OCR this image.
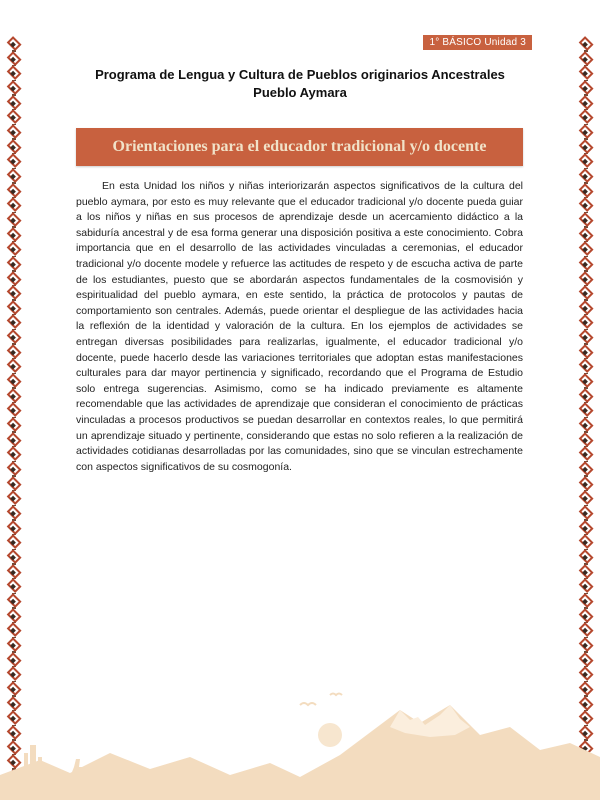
1° BÁSICO Unidad 3
Programa de Lengua y Cultura de Pueblos originarios Ancestrales
Pueblo Aymara
Orientaciones para el educador tradicional y/o docente

En esta Unidad los niños y niñas interiorizarán aspectos significativos de la cultura del pueblo aymara, por esto es muy relevante que el educador tradicional y/o docente pueda guiar a los niños y niñas en sus procesos de aprendizaje desde un acercamiento didáctico a la sabiduría ancestral y de esa forma generar una disposición positiva a este conocimiento. Cobra importancia que en el desarrollo de las actividades vinculadas a ceremonias, el educador tradicional y/o docente modele y refuerce las actitudes de respeto y de escucha activa de parte de los estudiantes, puesto que se abordarán aspectos fundamentales de la cosmovisión y espiritualidad del pueblo aymara, en este sentido, la práctica de protocolos y pautas de comportamiento son centrales. Además, puede orientar el despliegue de las actividades hacia la reflexión de la identidad y valoración de la cultura. En los ejemplos de actividades se entregan diversas posibilidades para realizarlas, igualmente, el educador tradicional y/o docente, puede hacerlo desde las variaciones territoriales que adoptan estas manifestaciones culturales para dar mayor pertinencia y significado, recordando que el Programa de Estudio solo entrega sugerencias. Asimismo, como se ha indicado previamente es altamente recomendable que las actividades de aprendizaje que consideran el conocimiento de prácticas vinculadas a procesos productivos se puedan desarrollar en contextos reales, lo que permitirá un aprendizaje situado y pertinente, considerando que estas no solo refieren a la realización de actividades cotidianas desarrolladas por las comunidades, sino que se vinculan estrechamente con aspectos significativos de su cosmogonía.
